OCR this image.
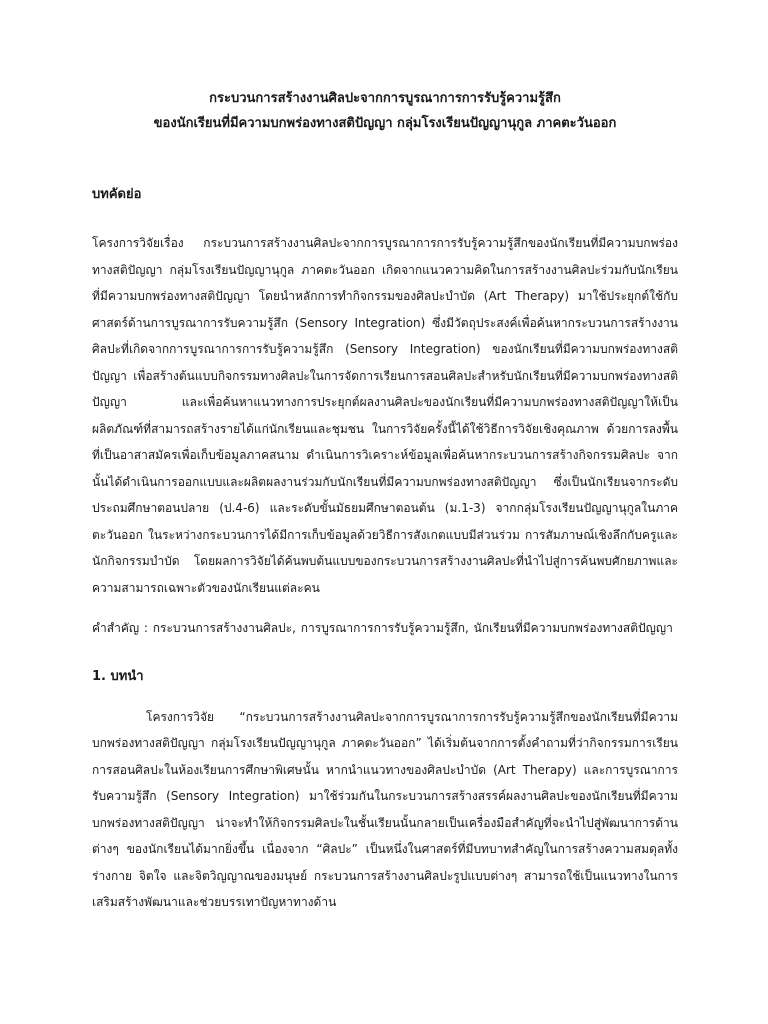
กระบวนการสร้างงานศิลปะจากการบูรณาการการรับรู้ความรู้สึก
ของนักเรียนที่มีความบกพร่องทางสติปัญญา กลุ่มโรงเรียนปัญญานุกูล ภาคตะวันออก
บทคัดย่อ

โครงการวิจัยเรื่อง กระบวนการสร้างงานศิลปะจากการบูรณาการการรับรู้ความรู้สึกของนักเรียนที่มีความบกพร่องทางสติปัญญา กลุ่มโรงเรียนปัญญานุกูล ภาคตะวันออก เกิดจากแนวความคิดในการสร้างงานศิลปะร่วมกับนักเรียนที่มีความบกพร่องทางสติปัญญา โดยนำหลักการทำกิจกรรมของศิลปะบำบัด (Art Therapy) มาใช้ประยุกต์ใช้กับศาสตร์ด้านการบูรณาการรับความรู้สึก (Sensory Integration) ซึ่งมีวัตถุประสงค์เพื่อค้นหากระบวนการสร้างงานศิลปะที่เกิดจากการบูรณาการการรับรู้ความรู้สึก (Sensory Integration) ของนักเรียนที่มีความบกพร่องทางสติปัญญา เพื่อสร้างต้นแบบกิจกรรมทางศิลปะในการจัดการเรียนการสอนศิลปะสำหรับนักเรียนที่มีความบกพร่องทางสติปัญญา และเพื่อค้นหาแนวทางการประยุกต์ผลงานศิลปะของนักเรียนที่มีความบกพร่องทางสติปัญญาให้เป็นผลิตภัณฑ์ที่สามารถสร้างรายได้แก่นักเรียนและชุมชน ในการวิจัยครั้งนี้ได้ใช้วิธีการวิจัยเชิงคุณภาพ ด้วยการลงพื้นที่เป็นอาสาสมัครเพื่อเก็บข้อมูลภาคสนาม ดำเนินการวิเคราะห์ข้อมูลเพื่อค้นหากระบวนการสร้างกิจกรรมศิลปะ จากนั้นได้ดำเนินการออกแบบและผลิตผลงานร่วมกับนักเรียนที่มีความบกพร่องทางสติปัญญา ซึ่งเป็นนักเรียนจากระดับประถมศึกษาตอนปลาย (ป.4-6) และระดับขั้นมัธยมศึกษาตอนต้น (ม.1-3) จากกลุ่มโรงเรียนปัญญานุกูลในภาคตะวันออก ในระหว่างกระบวนการได้มีการเก็บข้อมูลด้วยวิธีการสังเกตแบบมีส่วนร่วม การสัมภาษณ์เชิงลึกกับครูและนักกิจกรรมบำบัด โดยผลการวิจัยได้ค้นพบต้นแบบของกระบวนการสร้างงานศิลปะที่นำไปสู่การค้นพบศักยภาพและความสามารถเฉพาะตัวของนักเรียนแต่ละคน

คำสำคัญ : กระบวนการสร้างงานศิลปะ, การบูรณาการการรับรู้ความรู้สึก, นักเรียนที่มีความบกพร่องทางสติปัญญา

1. บทนำ

โครงการวิจัย “กระบวนการสร้างงานศิลปะจากการบูรณาการการรับรู้ความรู้สึกของนักเรียนที่มีความบกพร่องทางสติปัญญา กลุ่มโรงเรียนปัญญานุกูล ภาคตะวันออก” ได้เริ่มต้นจากการตั้งคำถามที่ว่ากิจกรรมการเรียนการสอนศิลปะในห้องเรียนการศึกษาพิเศษนั้น หากนำแนวทางของศิลปะบำบัด (Art Therapy) และการบูรณาการรับความรู้สึก (Sensory Integration) มาใช้ร่วมกันในกระบวนการสร้างสรรค์ผลงานศิลปะของนักเรียนที่มีความบกพร่องทางสติปัญญา น่าจะทำให้กิจกรรมศิลปะในชั้นเรียนนั้นกลายเป็นเครื่องมือสำคัญที่จะนำไปสู่พัฒนาการด้านต่างๆ ของนักเรียนได้มากยิ่งขึ้น เนื่องจาก “ศิลปะ” เป็นหนึ่งในศาสตร์ที่มีบทบาทสำคัญในการสร้างความสมดุลทั้งร่างกาย จิตใจ และจิตวิญญาณของมนุษย์ กระบวนการสร้างงานศิลปะรูปแบบต่างๆ สามารถใช้เป็นแนวทางในการเสริมสร้างพัฒนาและช่วยบรรเทาปัญหาทางด้าน
